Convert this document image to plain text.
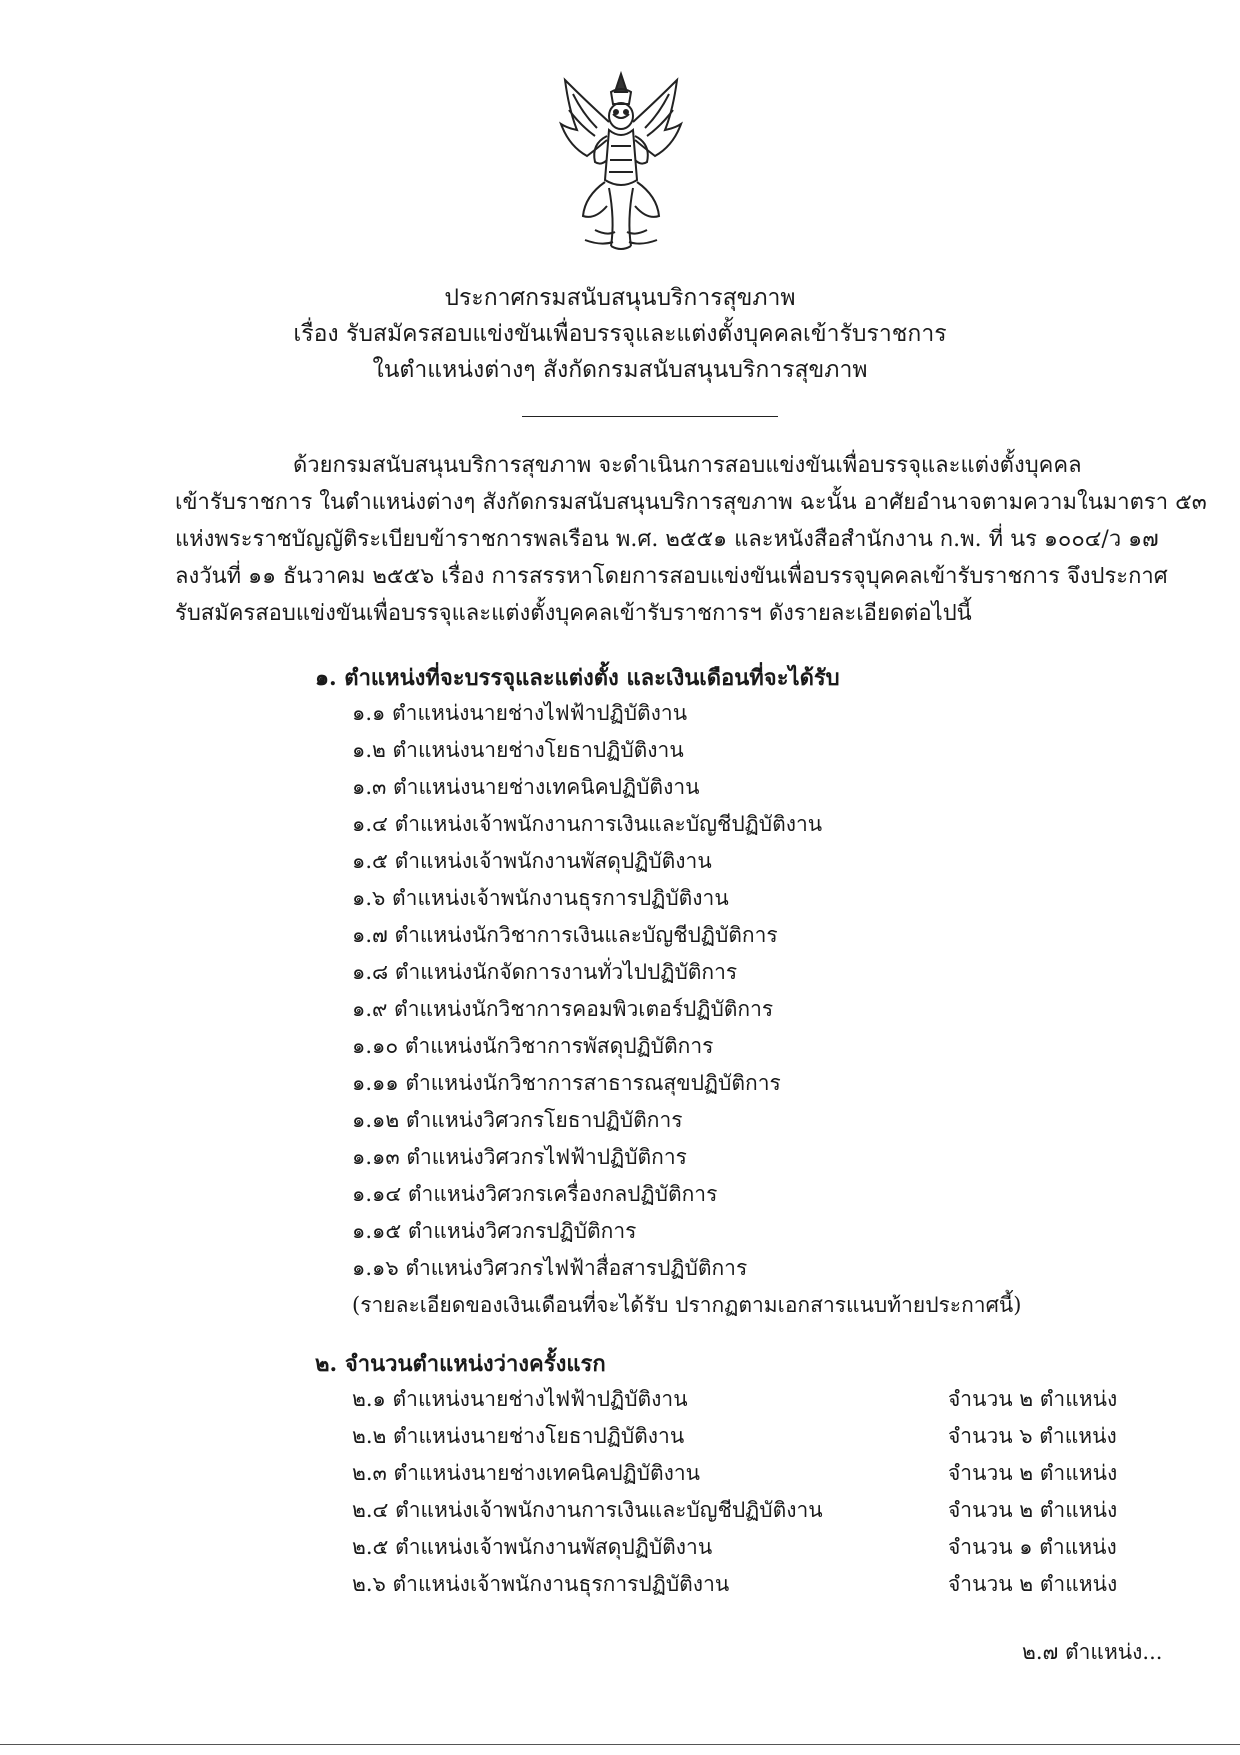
ประกาศกรมสนับสนุนบริการสุขภาพ
เรื่อง รับสมัครสอบแข่งขันเพื่อบรรจุและแต่งตั้งบุคคลเข้ารับราชการ
ในตำแหน่งต่างๆ สังกัดกรมสนับสนุนบริการสุขภาพ
ด้วยกรมสนับสนุนบริการสุขภาพ จะดำเนินการสอบแข่งขันเพื่อบรรจุและแต่งตั้งบุคคล
เข้ารับราชการ ในตำแหน่งต่างๆ สังกัดกรมสนับสนุนบริการสุขภาพ ฉะนั้น อาศัยอำนาจตามความในมาตรา ๕๓
แห่งพระราชบัญญัติระเบียบข้าราชการพลเรือน พ.ศ. ๒๕๕๑ และหนังสือสำนักงาน ก.พ. ที่ นร ๑๐๐๔/ว ๑๗
ลงวันที่ ๑๑ ธันวาคม ๒๕๕๖ เรื่อง การสรรหาโดยการสอบแข่งขันเพื่อบรรจุบุคคลเข้ารับราชการ จึงประกาศ
รับสมัครสอบแข่งขันเพื่อบรรจุและแต่งตั้งบุคคลเข้ารับราชการฯ ดังรายละเอียดต่อไปนี้
๑. ตำแหน่งที่จะบรรจุและแต่งตั้ง และเงินเดือนที่จะได้รับ
๑.๑ ตำแหน่งนายช่างไฟฟ้าปฏิบัติงาน
๑.๒ ตำแหน่งนายช่างโยธาปฏิบัติงาน
๑.๓ ตำแหน่งนายช่างเทคนิคปฏิบัติงาน
๑.๔ ตำแหน่งเจ้าพนักงานการเงินและบัญชีปฏิบัติงาน
๑.๕ ตำแหน่งเจ้าพนักงานพัสดุปฏิบัติงาน
๑.๖ ตำแหน่งเจ้าพนักงานธุรการปฏิบัติงาน
๑.๗ ตำแหน่งนักวิชาการเงินและบัญชีปฏิบัติการ
๑.๘ ตำแหน่งนักจัดการงานทั่วไปปฏิบัติการ
๑.๙ ตำแหน่งนักวิชาการคอมพิวเตอร์ปฏิบัติการ
๑.๑๐ ตำแหน่งนักวิชาการพัสดุปฏิบัติการ
๑.๑๑ ตำแหน่งนักวิชาการสาธารณสุขปฏิบัติการ
๑.๑๒ ตำแหน่งวิศวกรโยธาปฏิบัติการ
๑.๑๓ ตำแหน่งวิศวกรไฟฟ้าปฏิบัติการ
๑.๑๔ ตำแหน่งวิศวกรเครื่องกลปฏิบัติการ
๑.๑๕ ตำแหน่งวิศวกรปฏิบัติการ
๑.๑๖ ตำแหน่งวิศวกรไฟฟ้าสื่อสารปฏิบัติการ
(รายละเอียดของเงินเดือนที่จะได้รับ ปรากฏตามเอกสารแนบท้ายประกาศนี้)
๒. จำนวนตำแหน่งว่างครั้งแรก
๒.๑ ตำแหน่งนายช่างไฟฟ้าปฏิบัติงาน	จำนวน ๒ ตำแหน่ง
๒.๒ ตำแหน่งนายช่างโยธาปฏิบัติงาน	จำนวน ๖ ตำแหน่ง
๒.๓ ตำแหน่งนายช่างเทคนิคปฏิบัติงาน	จำนวน ๒ ตำแหน่ง
๒.๔ ตำแหน่งเจ้าพนักงานการเงินและบัญชีปฏิบัติงาน	จำนวน ๒ ตำแหน่ง
๒.๕ ตำแหน่งเจ้าพนักงานพัสดุปฏิบัติงาน	จำนวน ๑ ตำแหน่ง
๒.๖ ตำแหน่งเจ้าพนักงานธุรการปฏิบัติงาน	จำนวน ๒ ตำแหน่ง
๒.๗ ตำแหน่ง...
